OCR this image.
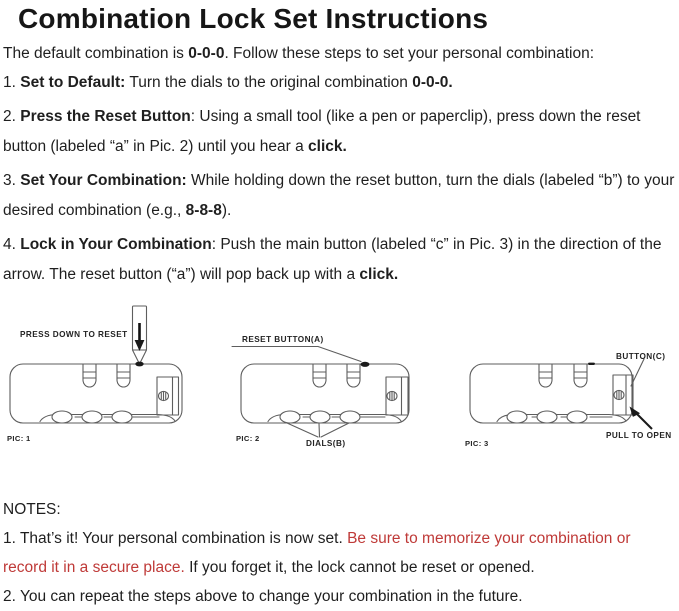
Combination Lock Set Instructions

The default combination is 0-0-0. Follow these steps to set your personal combination:

1. Set to Default: Turn the dials to the original combination 0-0-0.

2. Press the Reset Button: Using a small tool (like a pen or paperclip), press down the reset button (labeled “a” in Pic. 2) until you hear a click.

3. Set Your Combination: While holding down the reset button, turn the dials (labeled “b”) to your desired combination (e.g., 8-8-8).

4. Lock in Your Combination: Push the main button (labeled “c” in Pic. 3) in the direction of the arrow. The reset button (“a”) will pop back up with a click.

PRESS DOWN TO RESET
PIC: 1
RESET BUTTON(A)
DIALS(B)
PIC: 2
BUTTON(C)
PULL TO OPEN
PIC: 3

NOTES:

1. That’s it! Your personal combination is now set. Be sure to memorize your combination or record it in a secure place. If you forget it, the lock cannot be reset or opened.

2. You can repeat the steps above to change your combination in the future.
